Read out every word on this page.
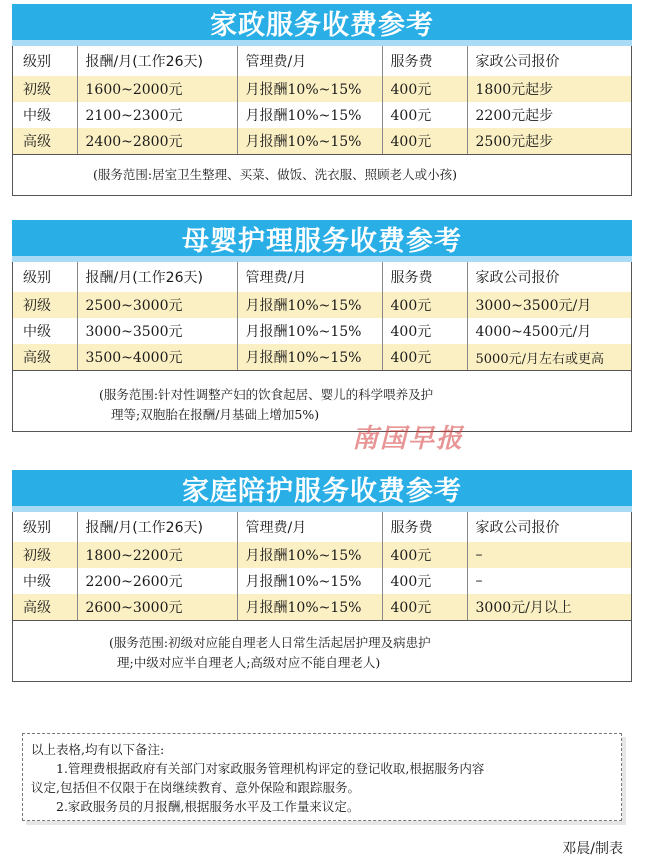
家政服务收费参考
级别	报酬/月(工作26天)	管理费/月	服务费	家政公司报价
初级	1600~2000元	月报酬10%~15%	400元	1800元起步
中级	2100~2300元	月报酬10%~15%	400元	2200元起步
高级	2400~2800元	月报酬10%~15%	400元	2500元起步
(服务范围:居室卫生整理、买菜、做饭、洗衣服、照顾老人或小孩)
母婴护理服务收费参考
级别	报酬/月(工作26天)	管理费/月	服务费	家政公司报价
初级	2500~3000元	月报酬10%~15%	400元	3000~3500元/月
中级	3000~3500元	月报酬10%~15%	400元	4000~4500元/月
高级	3500~4000元	月报酬10%~15%	400元	5000元/月左右或更高
(服务范围:针对性调整产妇的饮食起居、婴儿的科学喂养及护
理等;双胞胎在报酬/月基础上增加5%)
南国早报
家庭陪护服务收费参考
级别	报酬/月(工作26天)	管理费/月	服务费	家政公司报价
初级	1800~2200元	月报酬10%~15%	400元	–
中级	2200~2600元	月报酬10%~15%	400元	–
高级	2600~3000元	月报酬10%~15%	400元	3000元/月以上
(服务范围:初级对应能自理老人日常生活起居护理及病患护
理;中级对应半自理老人;高级对应不能自理老人)
以上表格,均有以下备注:
　　1.管理费根据政府有关部门对家政服务管理机构评定的登记收取,根据服务内容
议定,包括但不仅限于在岗继续教育、意外保险和跟踪服务。
　　2.家政服务员的月报酬,根据服务水平及工作量来议定。
邓晨/制表
